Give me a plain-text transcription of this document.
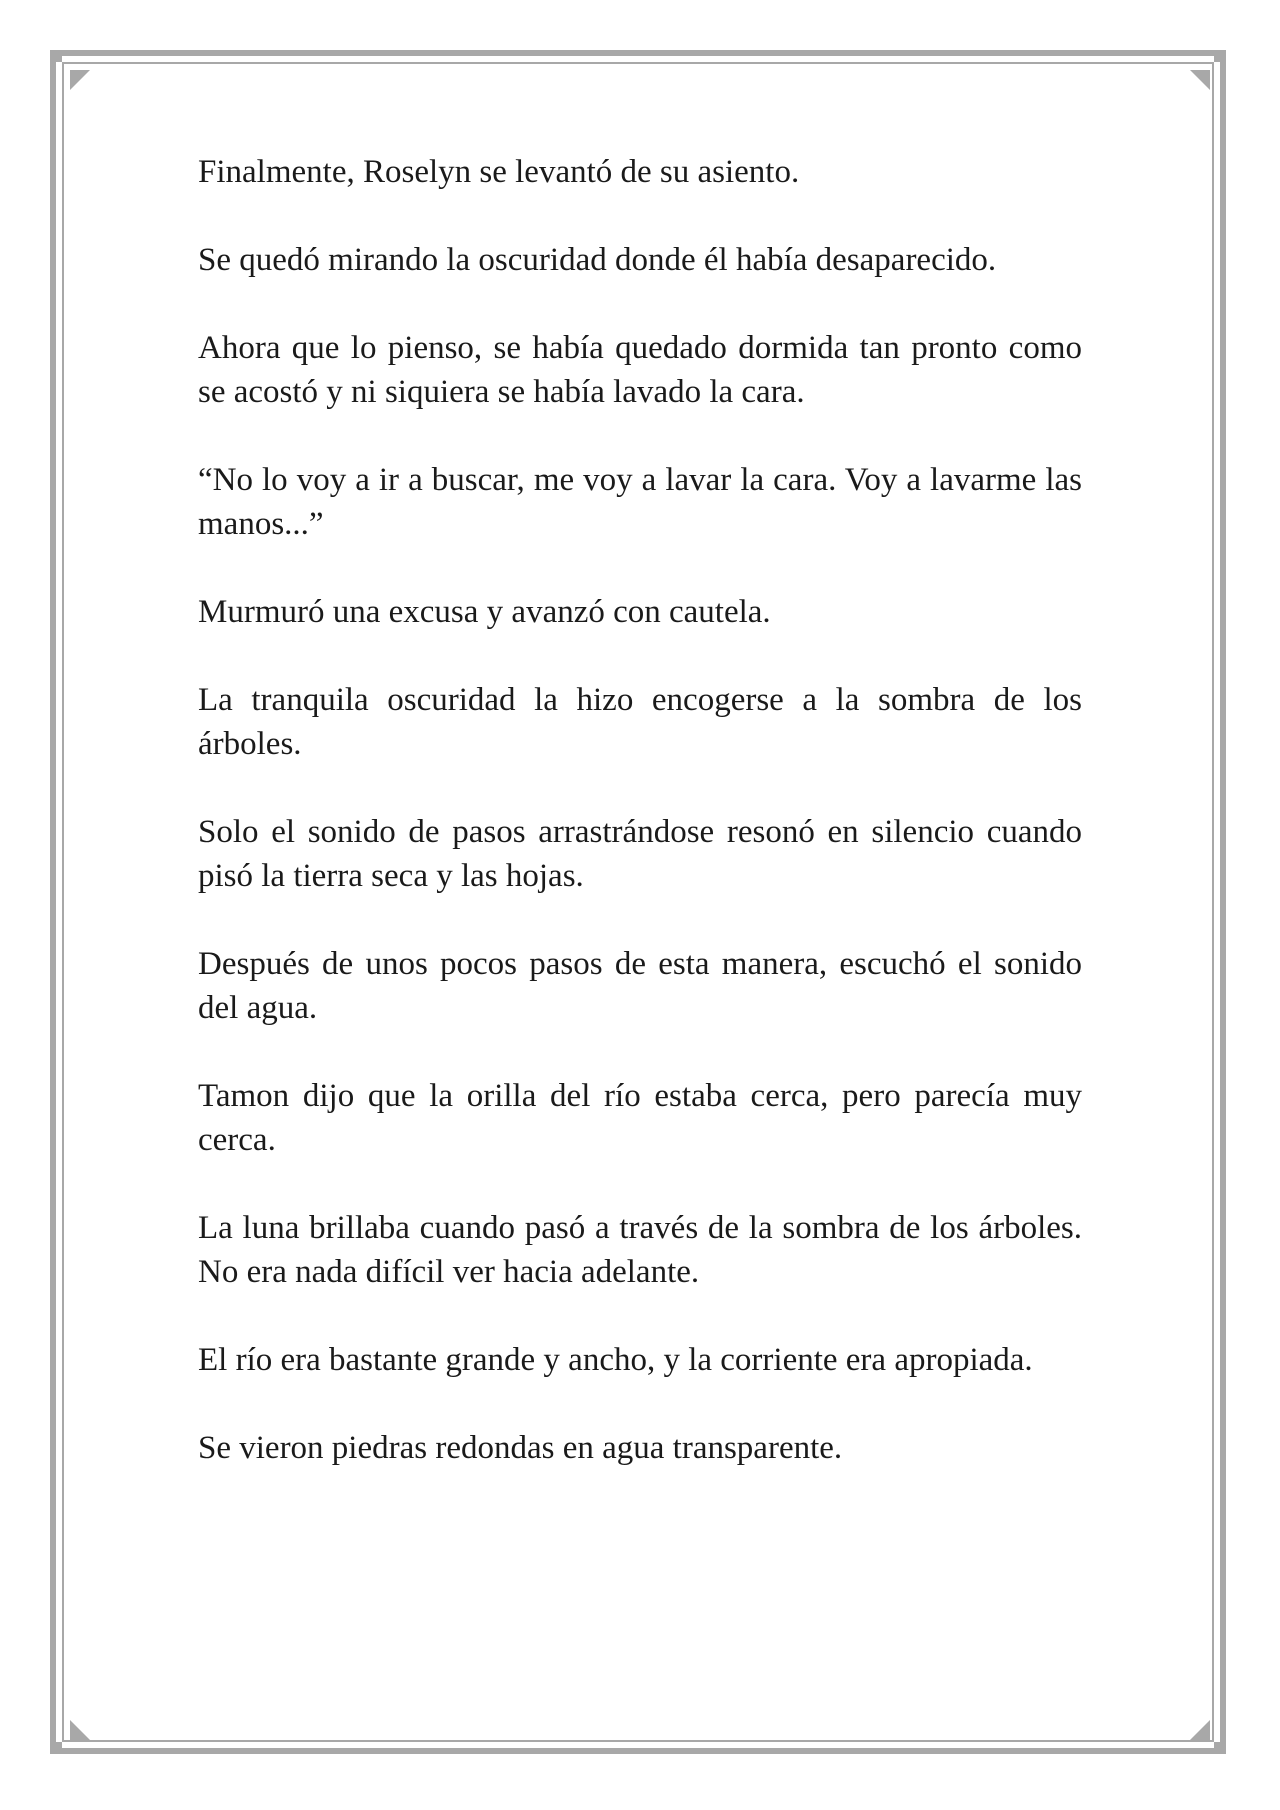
Finalmente, Roselyn se levantó de su asiento.

Se quedó mirando la oscuridad donde él había desaparecido.

Ahora que lo pienso, se había quedado dormida tan pronto como se acostó y ni siquiera se había lavado la cara.

“No lo voy a ir a buscar, me voy a lavar la cara. Voy a lavarme las manos...”

Murmuró una excusa y avanzó con cautela.

La tranquila oscuridad la hizo encogerse a la sombra de los árboles.

Solo el sonido de pasos arrastrándose resonó en silencio cuando pisó la tierra seca y las hojas.

Después de unos pocos pasos de esta manera, escuchó el sonido del agua.

Tamon dijo que la orilla del río estaba cerca, pero parecía muy cerca.

La luna brillaba cuando pasó a través de la sombra de los árboles. No era nada difícil ver hacia adelante.

El río era bastante grande y ancho, y la corriente era apropiada.

Se vieron piedras redondas en agua transparente.
